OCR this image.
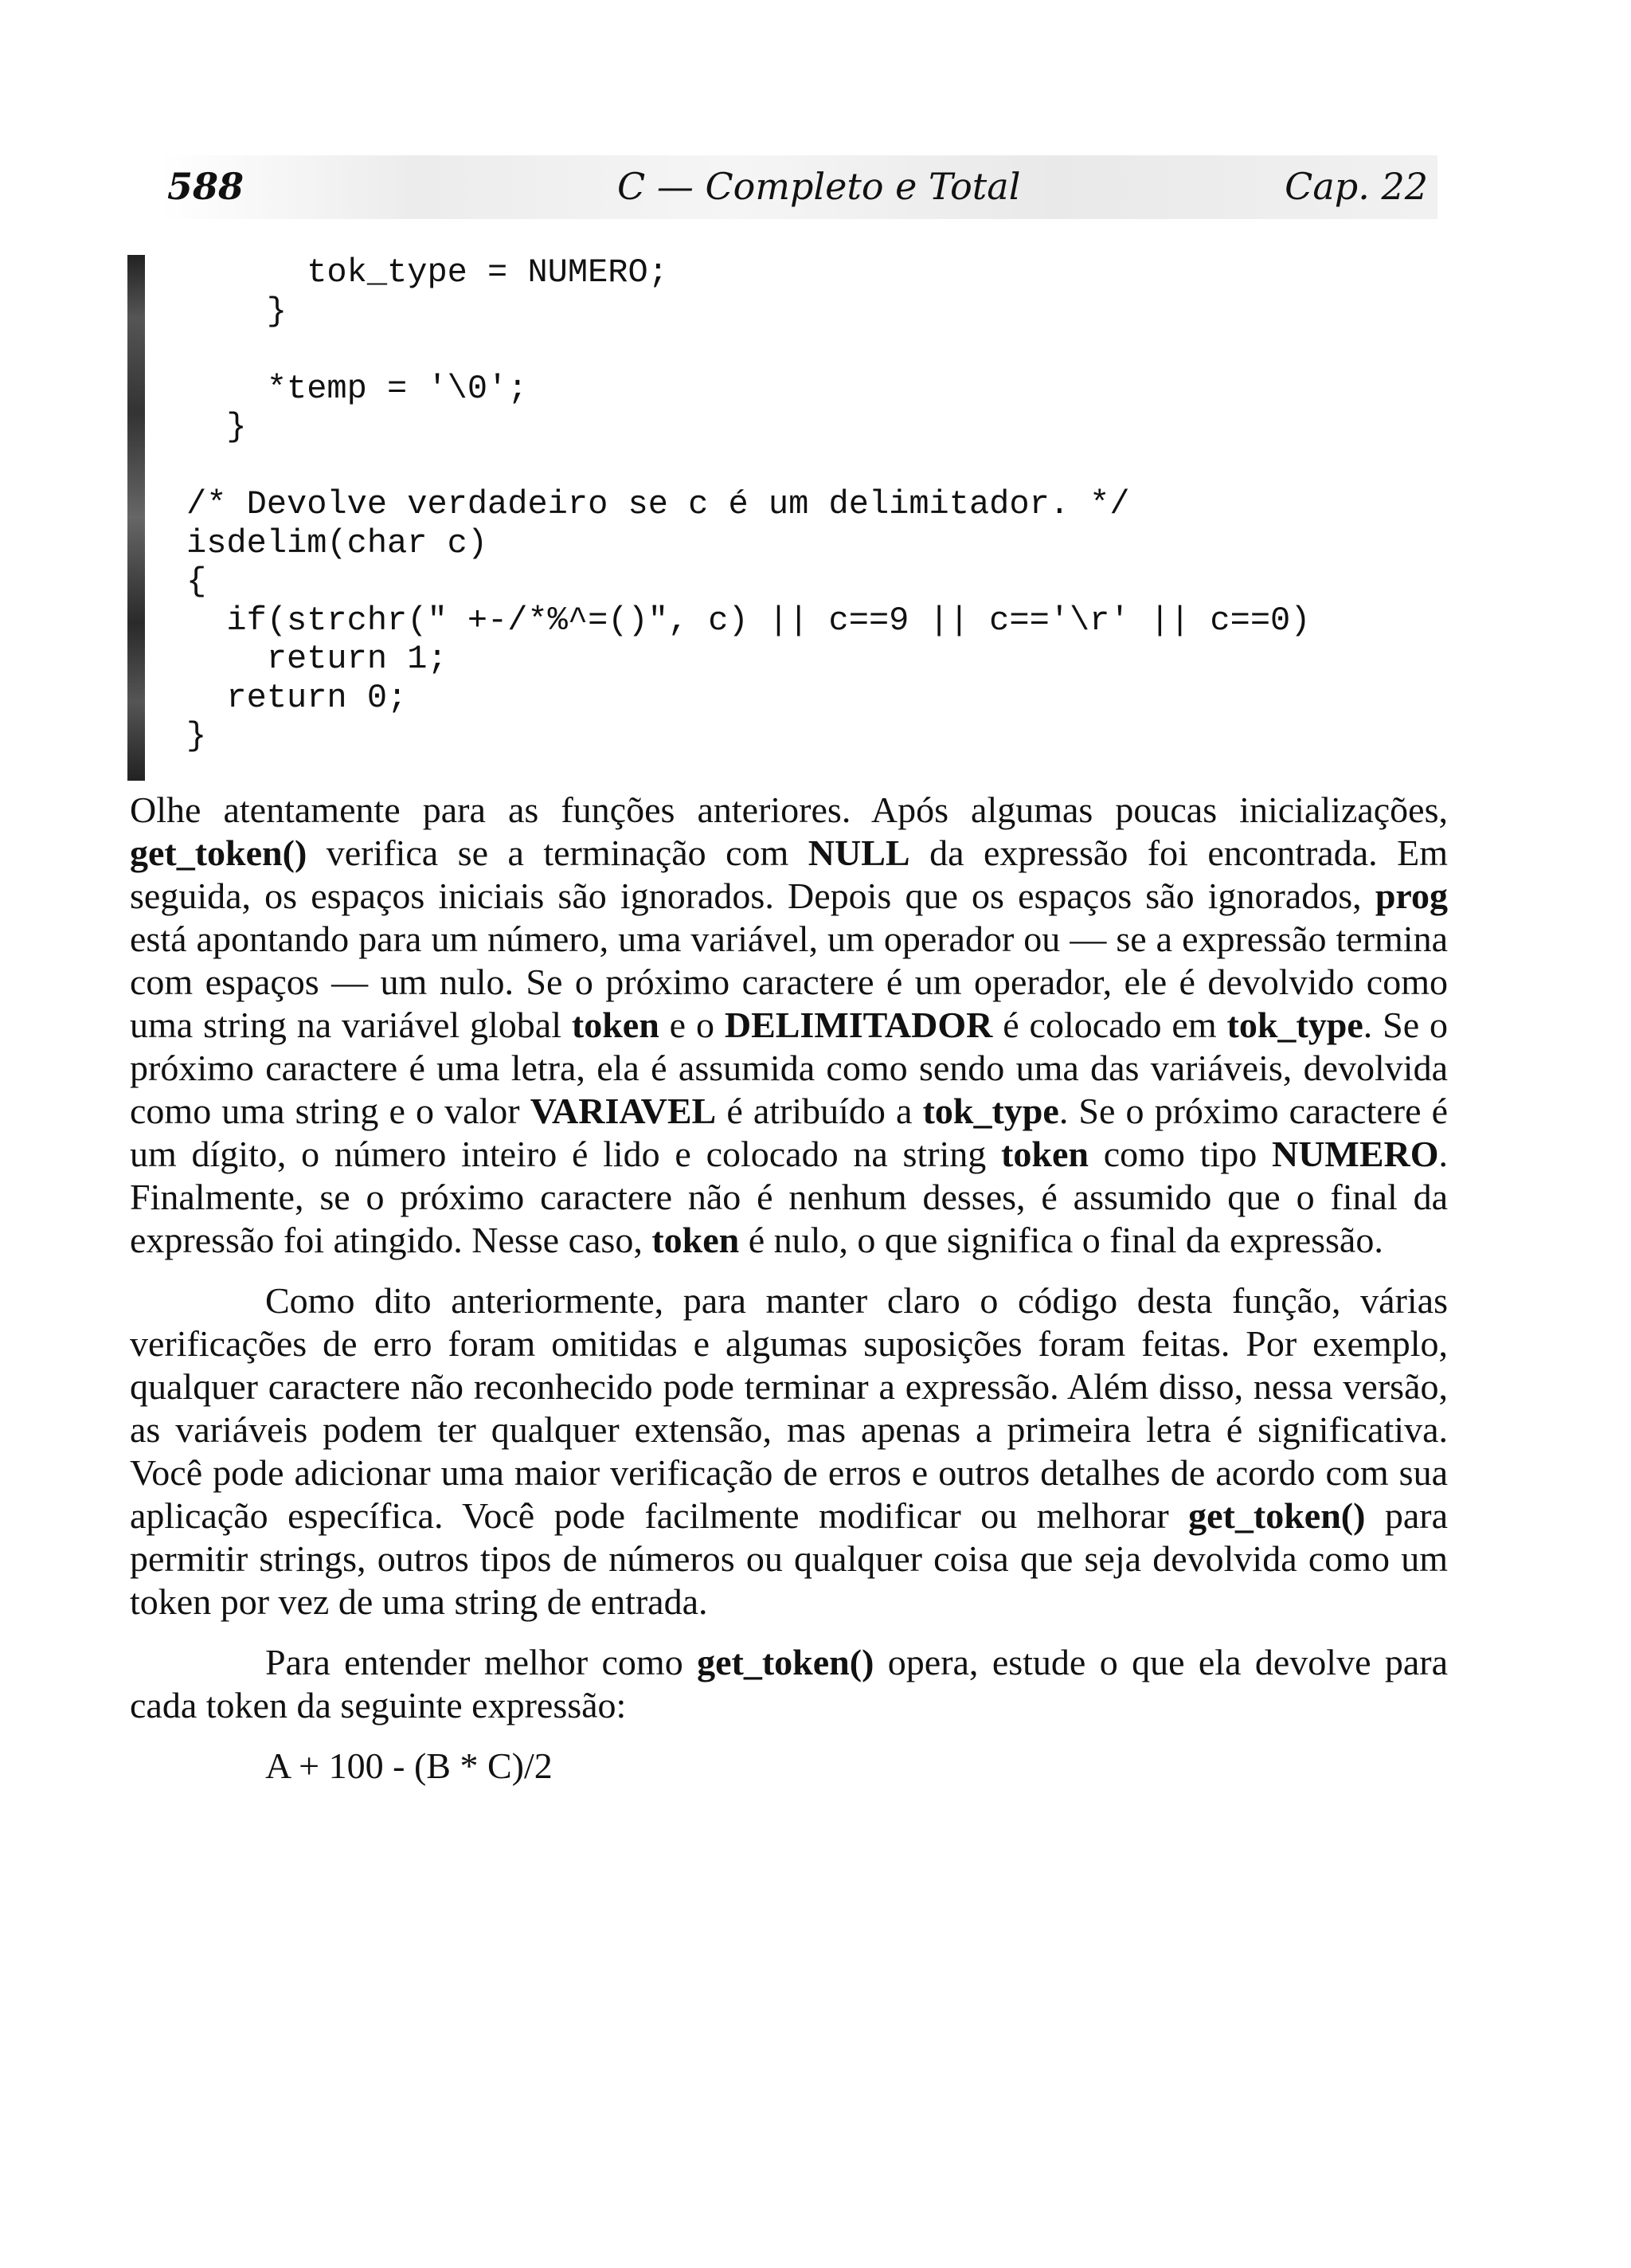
588	C — Completo e Total	Cap. 22
tok_type = NUMERO;
}

*temp = '\0';
}

/* Devolve verdadeiro se c é um delimitador. */
isdelim(char c)
{
if(strchr(" +-/*%^=()", c) || c==9 || c=='\r' || c==0)
return 1;
return 0;
}

Olhe atentamente para as funções anteriores. Após algumas poucas inicializações, get_token() verifica se a terminação com NULL da expressão foi encontrada. Em seguida, os espaços iniciais são ignorados. Depois que os espaços são ignorados, prog está apontando para um número, uma variável, um operador ou — se a expressão termina com espaços — um nulo. Se o próximo caractere é um operador, ele é devolvido como uma string na variável global token e o DELIMITADOR é colocado em tok_type. Se o próximo caractere é uma letra, ela é assumida como sendo uma das variáveis, devolvida como uma string e o valor VARIAVEL é atribuído a tok_type. Se o próximo caractere é um dígito, o número inteiro é lido e colocado na string token como tipo NUMERO. Finalmente, se o próximo caractere não é nenhum desses, é assumido que o final da expressão foi atingido. Nesse caso, token é nulo, o que significa o final da expressão.

Como dito anteriormente, para manter claro o código desta função, várias verificações de erro foram omitidas e algumas suposições foram feitas. Por exemplo, qualquer caractere não reconhecido pode terminar a expressão. Além disso, nessa versão, as variáveis podem ter qualquer extensão, mas apenas a primeira letra é significativa. Você pode adicionar uma maior verificação de erros e outros detalhes de acordo com sua aplicação específica. Você pode facilmente modificar ou melhorar get_token() para permitir strings, outros tipos de números ou qualquer coisa que seja devolvida como um token por vez de uma string de entrada.

Para entender melhor como get_token() opera, estude o que ela devolve para cada token da seguinte expressão:

A + 100 - (B * C)/2
